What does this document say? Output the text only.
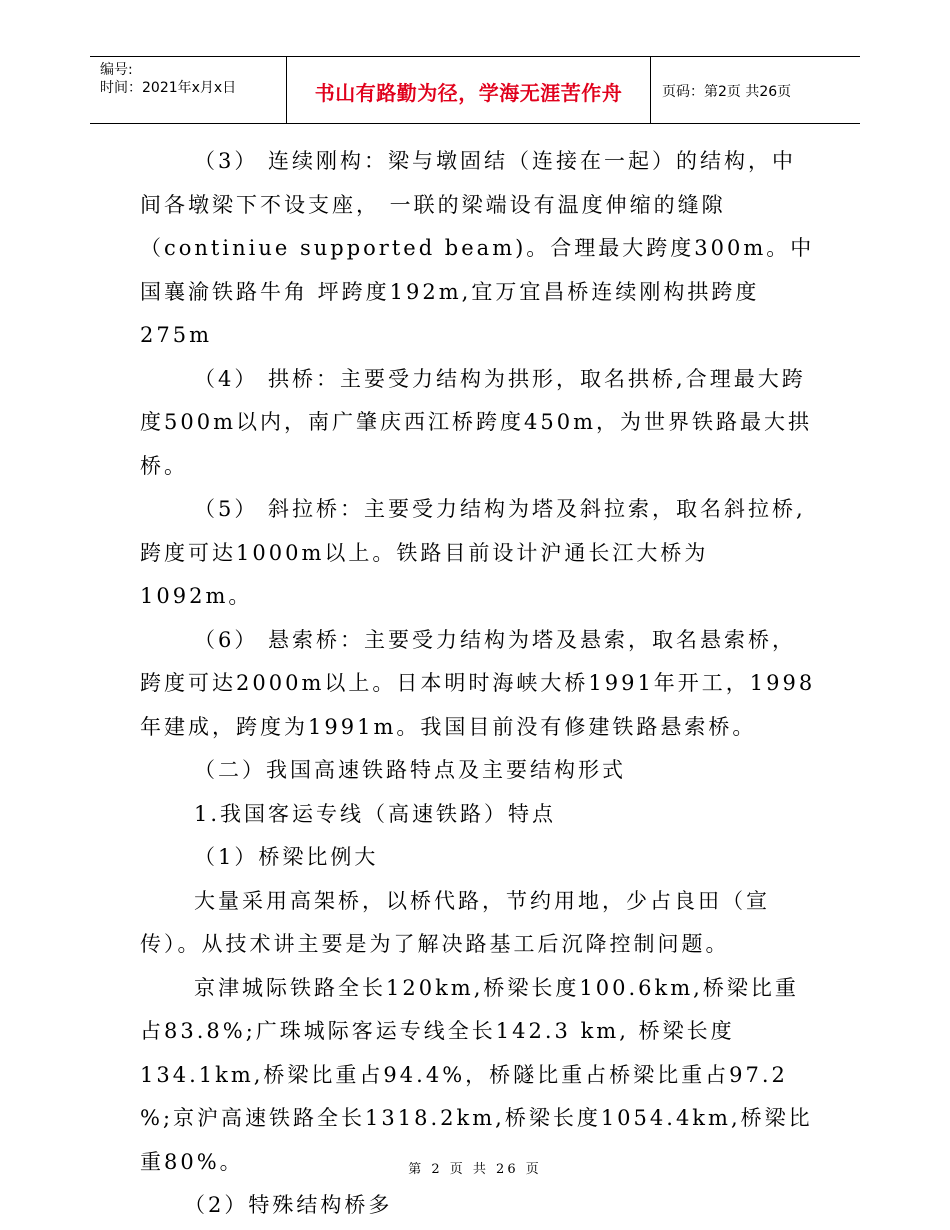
编号:
时间：2021年x月x日	书山有路勤为径，学海无涯苦作舟	页码：第2页 共26页

（3） 连续刚构：梁与墩固结（连接在一起）的结构，中间各墩梁下不设支座， 一联的梁端设有温度伸缩的缝隙（continiue supported beam)。合理最大跨度300m。中国襄渝铁路牛角 坪跨度192m,宜万宜昌桥连续刚构拱跨度275m

（4） 拱桥：主要受力结构为拱形，取名拱桥,合理最大跨度500m以内，南广肇庆西江桥跨度450m，为世界铁路最大拱桥。

（5） 斜拉桥：主要受力结构为塔及斜拉索，取名斜拉桥,跨度可达1000m以上。铁路目前设计沪通长江大桥为1092m。

（6） 悬索桥：主要受力结构为塔及悬索，取名悬索桥，跨度可达2000m以上。日本明时海峡大桥1991年开工，1998年建成，跨度为1991m。我国目前没有修建铁路悬索桥。

（二）我国高速铁路特点及主要结构形式

1.我国客运专线（高速铁路）特点

（1）桥梁比例大

大量采用高架桥，以桥代路，节约用地，少占良田（宣传）。从技术讲主要是为了解决路基工后沉降控制问题。

京津城际铁路全长120km,桥梁长度100.6km,桥梁比重占83.8%;广珠城际客运专线全长142.3 km, 桥梁长度134.1km,桥梁比重占94.4%，桥隧比重占桥梁比重占97.2 %;京沪高速铁路全长1318.2km,桥梁长度1054.4km,桥梁比重80%。

（2）特殊结构桥多

第 2 页 共 26 页
